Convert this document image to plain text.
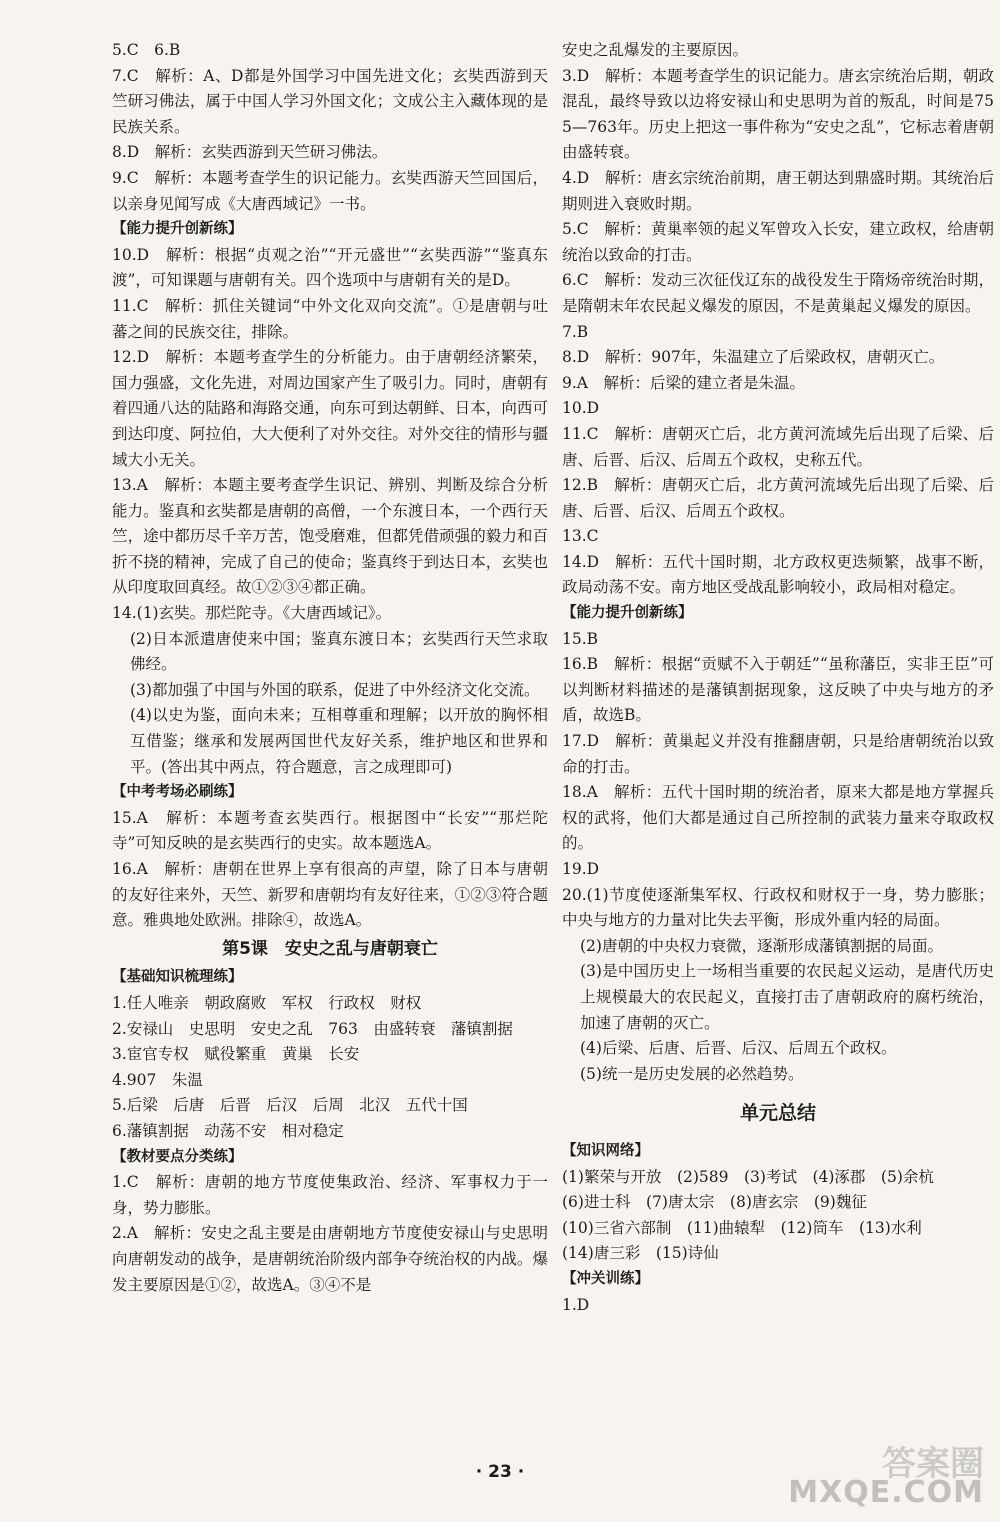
5.C　6.B

7.C　解析：A、D都是外国学习中国先进文化；玄奘西游到天竺研习佛法，属于中国人学习外国文化；文成公主入藏体现的是民族关系。

8.D　解析：玄奘西游到天竺研习佛法。

9.C　解析：本题考查学生的识记能力。玄奘西游天竺回国后，以亲身见闻写成《大唐西域记》一书。

【能力提升创新练】

10.D　解析：根据“贞观之治”“开元盛世”“玄奘西游”“鉴真东渡”，可知课题与唐朝有关。四个选项中与唐朝有关的是D。

11.C　解析：抓住关键词“中外文化双向交流”。①是唐朝与吐蕃之间的民族交往，排除。

12.D　解析：本题考查学生的分析能力。由于唐朝经济繁荣，国力强盛，文化先进，对周边国家产生了吸引力。同时，唐朝有着四通八达的陆路和海路交通，向东可到达朝鲜、日本，向西可到达印度、阿拉伯，大大便利了对外交往。对外交往的情形与疆域大小无关。

13.A　解析：本题主要考查学生识记、辨别、判断及综合分析能力。鉴真和玄奘都是唐朝的高僧，一个东渡日本，一个西行天竺，途中都历尽千辛万苦，饱受磨难，但都凭借顽强的毅力和百折不挠的精神，完成了自己的使命；鉴真终于到达日本，玄奘也从印度取回真经。故①②③④都正确。

14.(1)玄奘。那烂陀寺。《大唐西域记》。

(2)日本派遣唐使来中国；鉴真东渡日本；玄奘西行天竺求取佛经。

(3)都加强了中国与外国的联系，促进了中外经济文化交流。

(4)以史为鉴，面向未来；互相尊重和理解；以开放的胸怀相互借鉴；继承和发展两国世代友好关系，维护地区和世界和平。(答出其中两点，符合题意，言之成理即可)

【中考考场必刷练】

15.A　解析：本题考查玄奘西行。根据图中“长安”“那烂陀寺”可知反映的是玄奘西行的史实。故本题选A。

16.A　解析：唐朝在世界上享有很高的声望，除了日本与唐朝的友好往来外，天竺、新罗和唐朝均有友好往来，①②③符合题意。雅典地处欧洲。排除④，故选A。

第5课　安史之乱与唐朝衰亡

【基础知识梳理练】

1.任人唯亲　朝政腐败　军权　行政权　财权

2.安禄山　史思明　安史之乱　763　由盛转衰　藩镇割据

3.宦官专权　赋役繁重　黄巢　长安

4.907　朱温

5.后梁　后唐　后晋　后汉　后周　北汉　五代十国

6.藩镇割据　动荡不安　相对稳定

【教材要点分类练】

1.C　解析：唐朝的地方节度使集政治、经济、军事权力于一身，势力膨胀。

2.A　解析：安史之乱主要是由唐朝地方节度使安禄山与史思明向唐朝发动的战争，是唐朝统治阶级内部争夺统治权的内战。爆发主要原因是①②，故选A。③④不是

安史之乱爆发的主要原因。

3.D　解析：本题考查学生的识记能力。唐玄宗统治后期，朝政混乱，最终导致以边将安禄山和史思明为首的叛乱，时间是755—763年。历史上把这一事件称为“安史之乱”，它标志着唐朝由盛转衰。

4.D　解析：唐玄宗统治前期，唐王朝达到鼎盛时期。其统治后期则进入衰败时期。

5.C　解析：黄巢率领的起义军曾攻入长安，建立政权，给唐朝统治以致命的打击。

6.C　解析：发动三次征伐辽东的战役发生于隋炀帝统治时期，是隋朝末年农民起义爆发的原因，不是黄巢起义爆发的原因。

7.B

8.D　解析：907年，朱温建立了后梁政权，唐朝灭亡。

9.A　解析：后梁的建立者是朱温。

10.D

11.C　解析：唐朝灭亡后，北方黄河流域先后出现了后梁、后唐、后晋、后汉、后周五个政权，史称五代。

12.B　解析：唐朝灭亡后，北方黄河流域先后出现了后梁、后唐、后晋、后汉、后周五个政权。

13.C

14.D　解析：五代十国时期，北方政权更迭频繁，战事不断，政局动荡不安。南方地区受战乱影响较小，政局相对稳定。

【能力提升创新练】

15.B

16.B　解析：根据“贡赋不入于朝廷”“虽称藩臣，实非王臣”可以判断材料描述的是藩镇割据现象，这反映了中央与地方的矛盾，故选B。

17.D　解析：黄巢起义并没有推翻唐朝，只是给唐朝统治以致命的打击。

18.A　解析：五代十国时期的统治者，原来大都是地方掌握兵权的武将，他们大都是通过自己所控制的武装力量来夺取政权的。

19.D

20.(1)节度使逐渐集军权、行政权和财权于一身，势力膨胀；中央与地方的力量对比失去平衡，形成外重内轻的局面。

(2)唐朝的中央权力衰微，逐渐形成藩镇割据的局面。

(3)是中国历史上一场相当重要的农民起义运动，是唐代历史上规模最大的农民起义，直接打击了唐朝政府的腐朽统治，加速了唐朝的灭亡。

(4)后梁、后唐、后晋、后汉、后周五个政权。

(5)统一是历史发展的必然趋势。

单元总结

【知识网络】

(1)繁荣与开放　(2)589　(3)考试　(4)涿郡　(5)余杭

(6)进士科　(7)唐太宗　(8)唐玄宗　(9)魏征

(10)三省六部制　(11)曲辕犁　(12)筒车　(13)水利

(14)唐三彩　(15)诗仙

【冲关训练】

1.D

· 23 ·	答案圈
MXQE.COM
